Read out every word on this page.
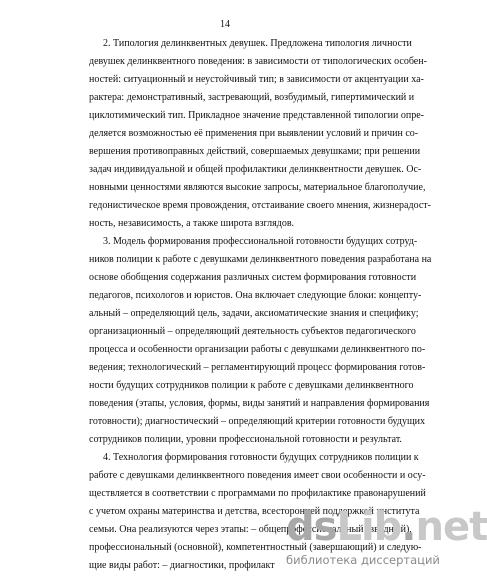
14
2. Типология делинквентных девушек. Предложена типология личности
девушек делинквентного поведения: в зависимости от типологических особен-
ностей: ситуационный и неустойчивый тип; в зависимости от акцентуации ха-
рактера: демонстративный, застревающий, возбудимый, гипертимический и
циклотимический тип. Прикладное значение представленной типологии опре-
деляется возможностью её применения при выявлении условий и причин со-
вершения противоправных действий, совершаемых девушками; при решении
задач индивидуальной и общей профилактики делинквентности девушек. Ос-
новными ценностями являются высокие запросы, материальное благополучие,
гедонистическое время провождения, отстаивание своего мнения, жизнерадост-
ность, независимость, а также широта взглядов.
3. Модель формирования профессиональной готовности будущих сотруд-
ников полиции к работе с девушками делинквентного поведения разработана на
основе обобщения содержания различных систем формирования готовности
педагогов, психологов и юристов. Она включает следующие блоки: концепту-
альный – определяющий цель, задачи, аксиоматические знания и специфику;
организационный – определяющий деятельность субъектов педагогического
процесса и особенности организации работы с девушками делинквентного по-
ведения; технологический – регламентирующий процесс формирования готов-
ности будущих сотрудников полиции к работе с девушками делинквентного
поведения (этапы, условия, формы, виды занятий и направления формирования
готовности); диагностический – определяющий критерии готовности будущих
сотрудников полиции, уровни профессиональной готовности и результат.
4. Технология формирования готовности будущих сотрудников полиции к
работе с девушками делинквентного поведения имеет свои особенности и осу-
ществляется в соответствии с программами по профилактике правонарушений
с учетом охраны материнства и детства, всесторонней поддержкой института
семьи. Она реализуются через этапы: – общепрофессиональный (вводный),
профессиональный (основной), компетентностный (завершающий) и следую-
щие виды работ: – диагностики, профилакт
dsLib.net
библиотека диссертаций
